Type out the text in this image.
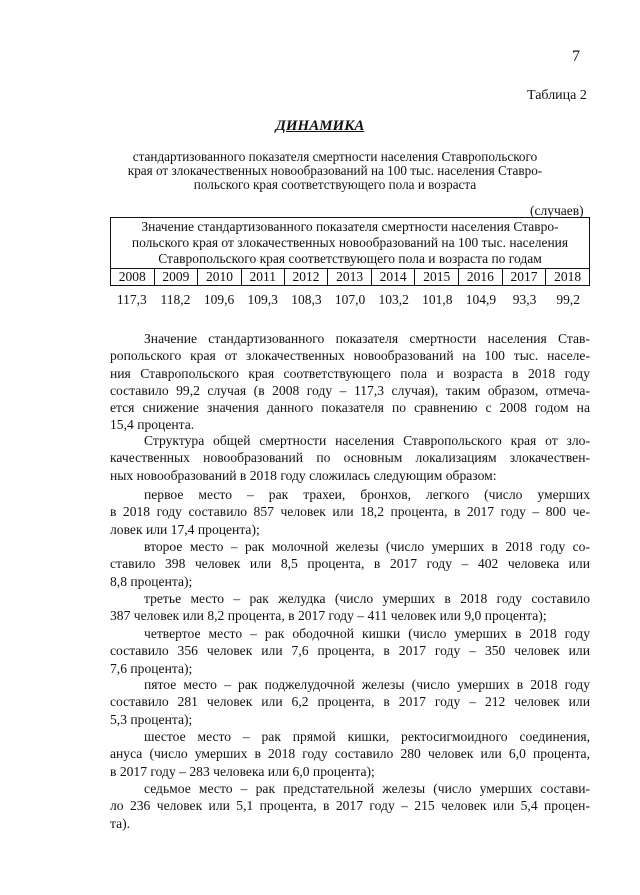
7
Таблица 2
ДИНАМИКА
стандартизованного показателя смертности населения Ставропольского
края от злокачественных новообразований на 100 тыс. населения Ставро-
польского края соответствующего пола и возраста
(случаев)
Значение стандартизованного показателя смертности населения Ставро-
польского края от злокачественных новообразований на 100 тыс. населения
Ставропольского края соответствующего пола и возраста по годам

2008	2009	2010	2011	2012	2013	2014	2015	2016	2017	2018
117,3	118,2	109,6 109,3 108,3 107,0 103,2 101,8 104,9	93,3	99,2
Значение стандартизованного показателя смертности населения Став-
ропольского края от злокачественных новообразований на 100 тыс. населе-
ния Ставропольского края соответствующего пола и возраста в 2018 году
составило 99,2 случая (в 2008 году – 117,3 случая), таким образом, отмеча-
ется снижение значения данного показателя по сравнению с 2008 годом на
15,4 процента.
Структура общей смертности населения Ставропольского края от зло-
качественных новообразований по основным локализациям злокачествен-
ных новообразований в 2018 году сложилась следующим образом:
первое место – рак трахеи, бронхов, легкого (число умерших
в 2018 году составило 857 человек или 18,2 процента, в 2017 году – 800 че-
ловек или 17,4 процента);
второе место – рак молочной железы (число умерших в 2018 году со-
ставило 398 человек или 8,5 процента, в 2017 году – 402 человека или
8,8 процента);
третье место – рак желудка (число умерших в 2018 году составило
387 человек или 8,2 процента, в 2017 году – 411 человек или 9,0 процента);
четвертое место – рак ободочной кишки (число умерших в 2018 году
составило 356 человек или 7,6 процента, в 2017 году – 350 человек или
7,6 процента);
пятое место – рак поджелудочной железы (число умерших в 2018 году
составило 281 человек или 6,2 процента, в 2017 году – 212 человек или
5,3 процента);
шестое место – рак прямой кишки, ректосигмоидного соединения,
ануса (число умерших в 2018 году составило 280 человек или 6,0 процента,
в 2017 году – 283 человека или 6,0 процента);
седьмое место – рак предстательной железы (число умерших состави-
ло 236 человек или 5,1 процента, в 2017 году – 215 человек или 5,4 процен-
та).
